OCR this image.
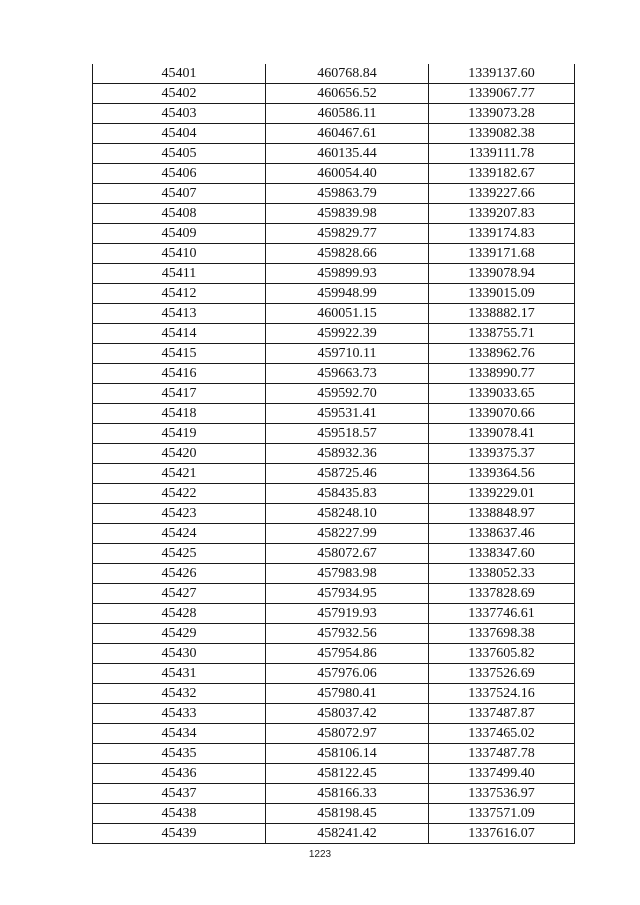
45401	460768.84	1339137.60
45402	460656.52	1339067.77
45403	460586.11	1339073.28
45404	460467.61	1339082.38
45405	460135.44	1339111.78
45406	460054.40	1339182.67
45407	459863.79	1339227.66
45408	459839.98	1339207.83
45409	459829.77	1339174.83
45410	459828.66	1339171.68
45411	459899.93	1339078.94
45412	459948.99	1339015.09
45413	460051.15	1338882.17
45414	459922.39	1338755.71
45415	459710.11	1338962.76
45416	459663.73	1338990.77
45417	459592.70	1339033.65
45418	459531.41	1339070.66
45419	459518.57	1339078.41
45420	458932.36	1339375.37
45421	458725.46	1339364.56
45422	458435.83	1339229.01
45423	458248.10	1338848.97
45424	458227.99	1338637.46
45425	458072.67	1338347.60
45426	457983.98	1338052.33
45427	457934.95	1337828.69
45428	457919.93	1337746.61
45429	457932.56	1337698.38
45430	457954.86	1337605.82
45431	457976.06	1337526.69
45432	457980.41	1337524.16
45433	458037.42	1337487.87
45434	458072.97	1337465.02
45435	458106.14	1337487.78
45436	458122.45	1337499.40
45437	458166.33	1337536.97
45438	458198.45	1337571.09
45439	458241.42	1337616.07
1223
